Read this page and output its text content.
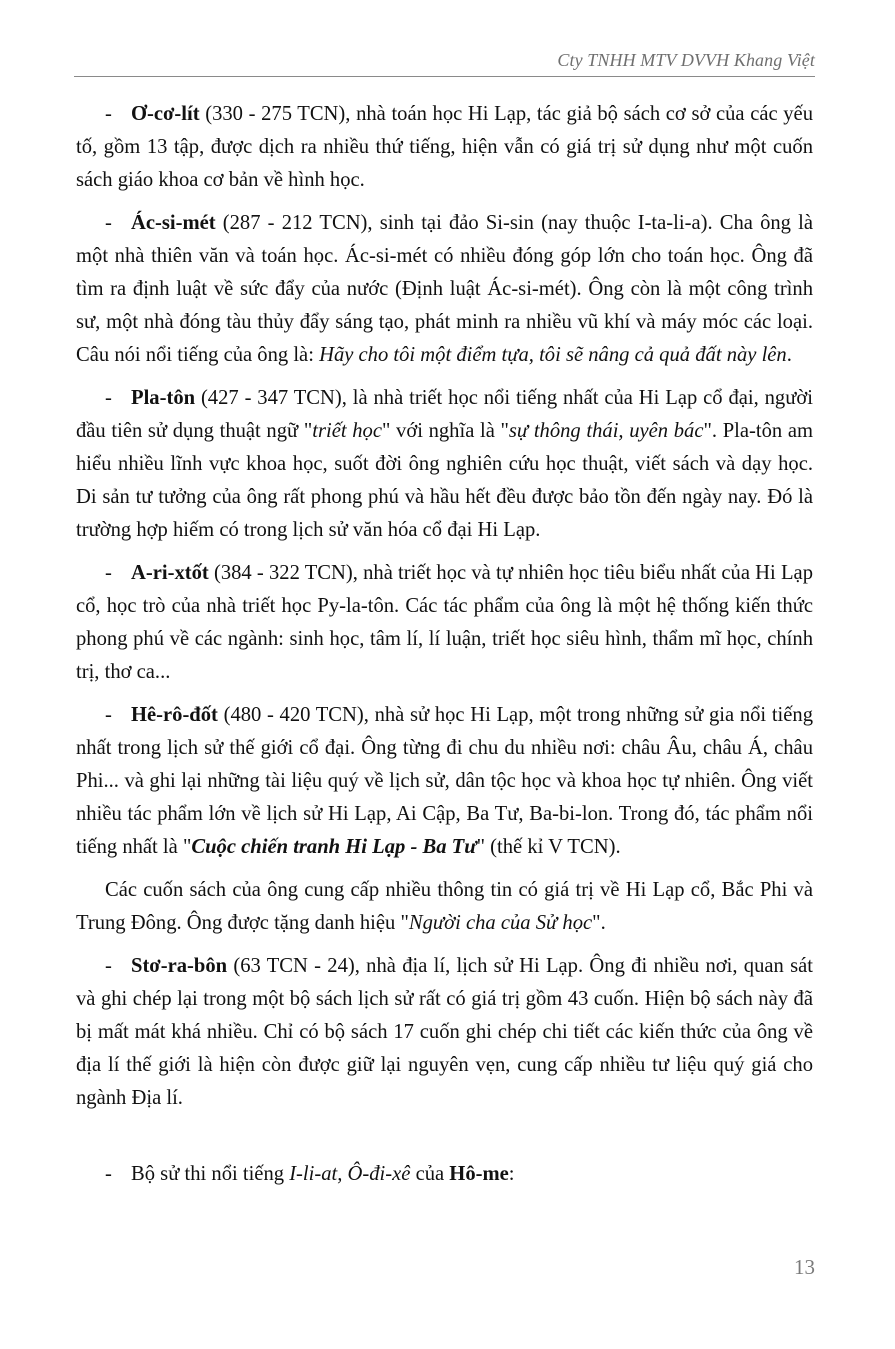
Cty TNHH MTV DVVH Khang Việt

- Ơ-cơ-lít (330 - 275 TCN), nhà toán học Hi Lạp, tác giả bộ sách cơ sở của các yếu tố, gồm 13 tập, được dịch ra nhiều thứ tiếng, hiện vẫn có giá trị sử dụng như một cuốn sách giáo khoa cơ bản về hình học.

- Ác-si-mét (287 - 212 TCN), sinh tại đảo Si-sin (nay thuộc I-ta-li-a). Cha ông là một nhà thiên văn và toán học. Ác-si-mét có nhiều đóng góp lớn cho toán học. Ông đã tìm ra định luật về sức đẩy của nước (Định luật Ác-si-mét). Ông còn là một công trình sư, một nhà đóng tàu thủy đẩy sáng tạo, phát minh ra nhiều vũ khí và máy móc các loại. Câu nói nổi tiếng của ông là: Hãy cho tôi một điểm tựa, tôi sẽ nâng cả quả đất này lên.

- Pla-tôn (427 - 347 TCN), là nhà triết học nổi tiếng nhất của Hi Lạp cổ đại, người đầu tiên sử dụng thuật ngữ "triết học" với nghĩa là "sự thông thái, uyên bác". Pla-tôn am hiểu nhiều lĩnh vực khoa học, suốt đời ông nghiên cứu học thuật, viết sách và dạy học. Di sản tư tưởng của ông rất phong phú và hầu hết đều được bảo tồn đến ngày nay. Đó là trường hợp hiếm có trong lịch sử văn hóa cổ đại Hi Lạp.

- A-ri-xtốt (384 - 322 TCN), nhà triết học và tự nhiên học tiêu biểu nhất của Hi Lạp cổ, học trò của nhà triết học Py-la-tôn. Các tác phẩm của ông là một hệ thống kiến thức phong phú về các ngành: sinh học, tâm lí, lí luận, triết học siêu hình, thẩm mĩ học, chính trị, thơ ca...

- Hê-rô-đốt (480 - 420 TCN), nhà sử học Hi Lạp, một trong những sử gia nổi tiếng nhất trong lịch sử thế giới cổ đại. Ông từng đi chu du nhiều nơi: châu Âu, châu Á, châu Phi... và ghi lại những tài liệu quý về lịch sử, dân tộc học và khoa học tự nhiên. Ông viết nhiều tác phẩm lớn về lịch sử Hi Lạp, Ai Cập, Ba Tư, Ba-bi-lon. Trong đó, tác phẩm nổi tiếng nhất là "Cuộc chiến tranh Hi Lạp - Ba Tư" (thế kỉ V TCN).

Các cuốn sách của ông cung cấp nhiều thông tin có giá trị về Hi Lạp cổ, Bắc Phi và Trung Đông. Ông được tặng danh hiệu "Người cha của Sử học".

- Stơ-ra-bôn (63 TCN - 24), nhà địa lí, lịch sử Hi Lạp. Ông đi nhiều nơi, quan sát và ghi chép lại trong một bộ sách lịch sử rất có giá trị gồm 43 cuốn. Hiện bộ sách này đã bị mất mát khá nhiều. Chỉ có bộ sách 17 cuốn ghi chép chi tiết các kiến thức của ông về địa lí thế giới là hiện còn được giữ lại nguyên vẹn, cung cấp nhiều tư liệu quý giá cho ngành Địa lí.

- Bộ sử thi nổi tiếng I-li-at, Ô-đi-xê của Hô-me:

13
